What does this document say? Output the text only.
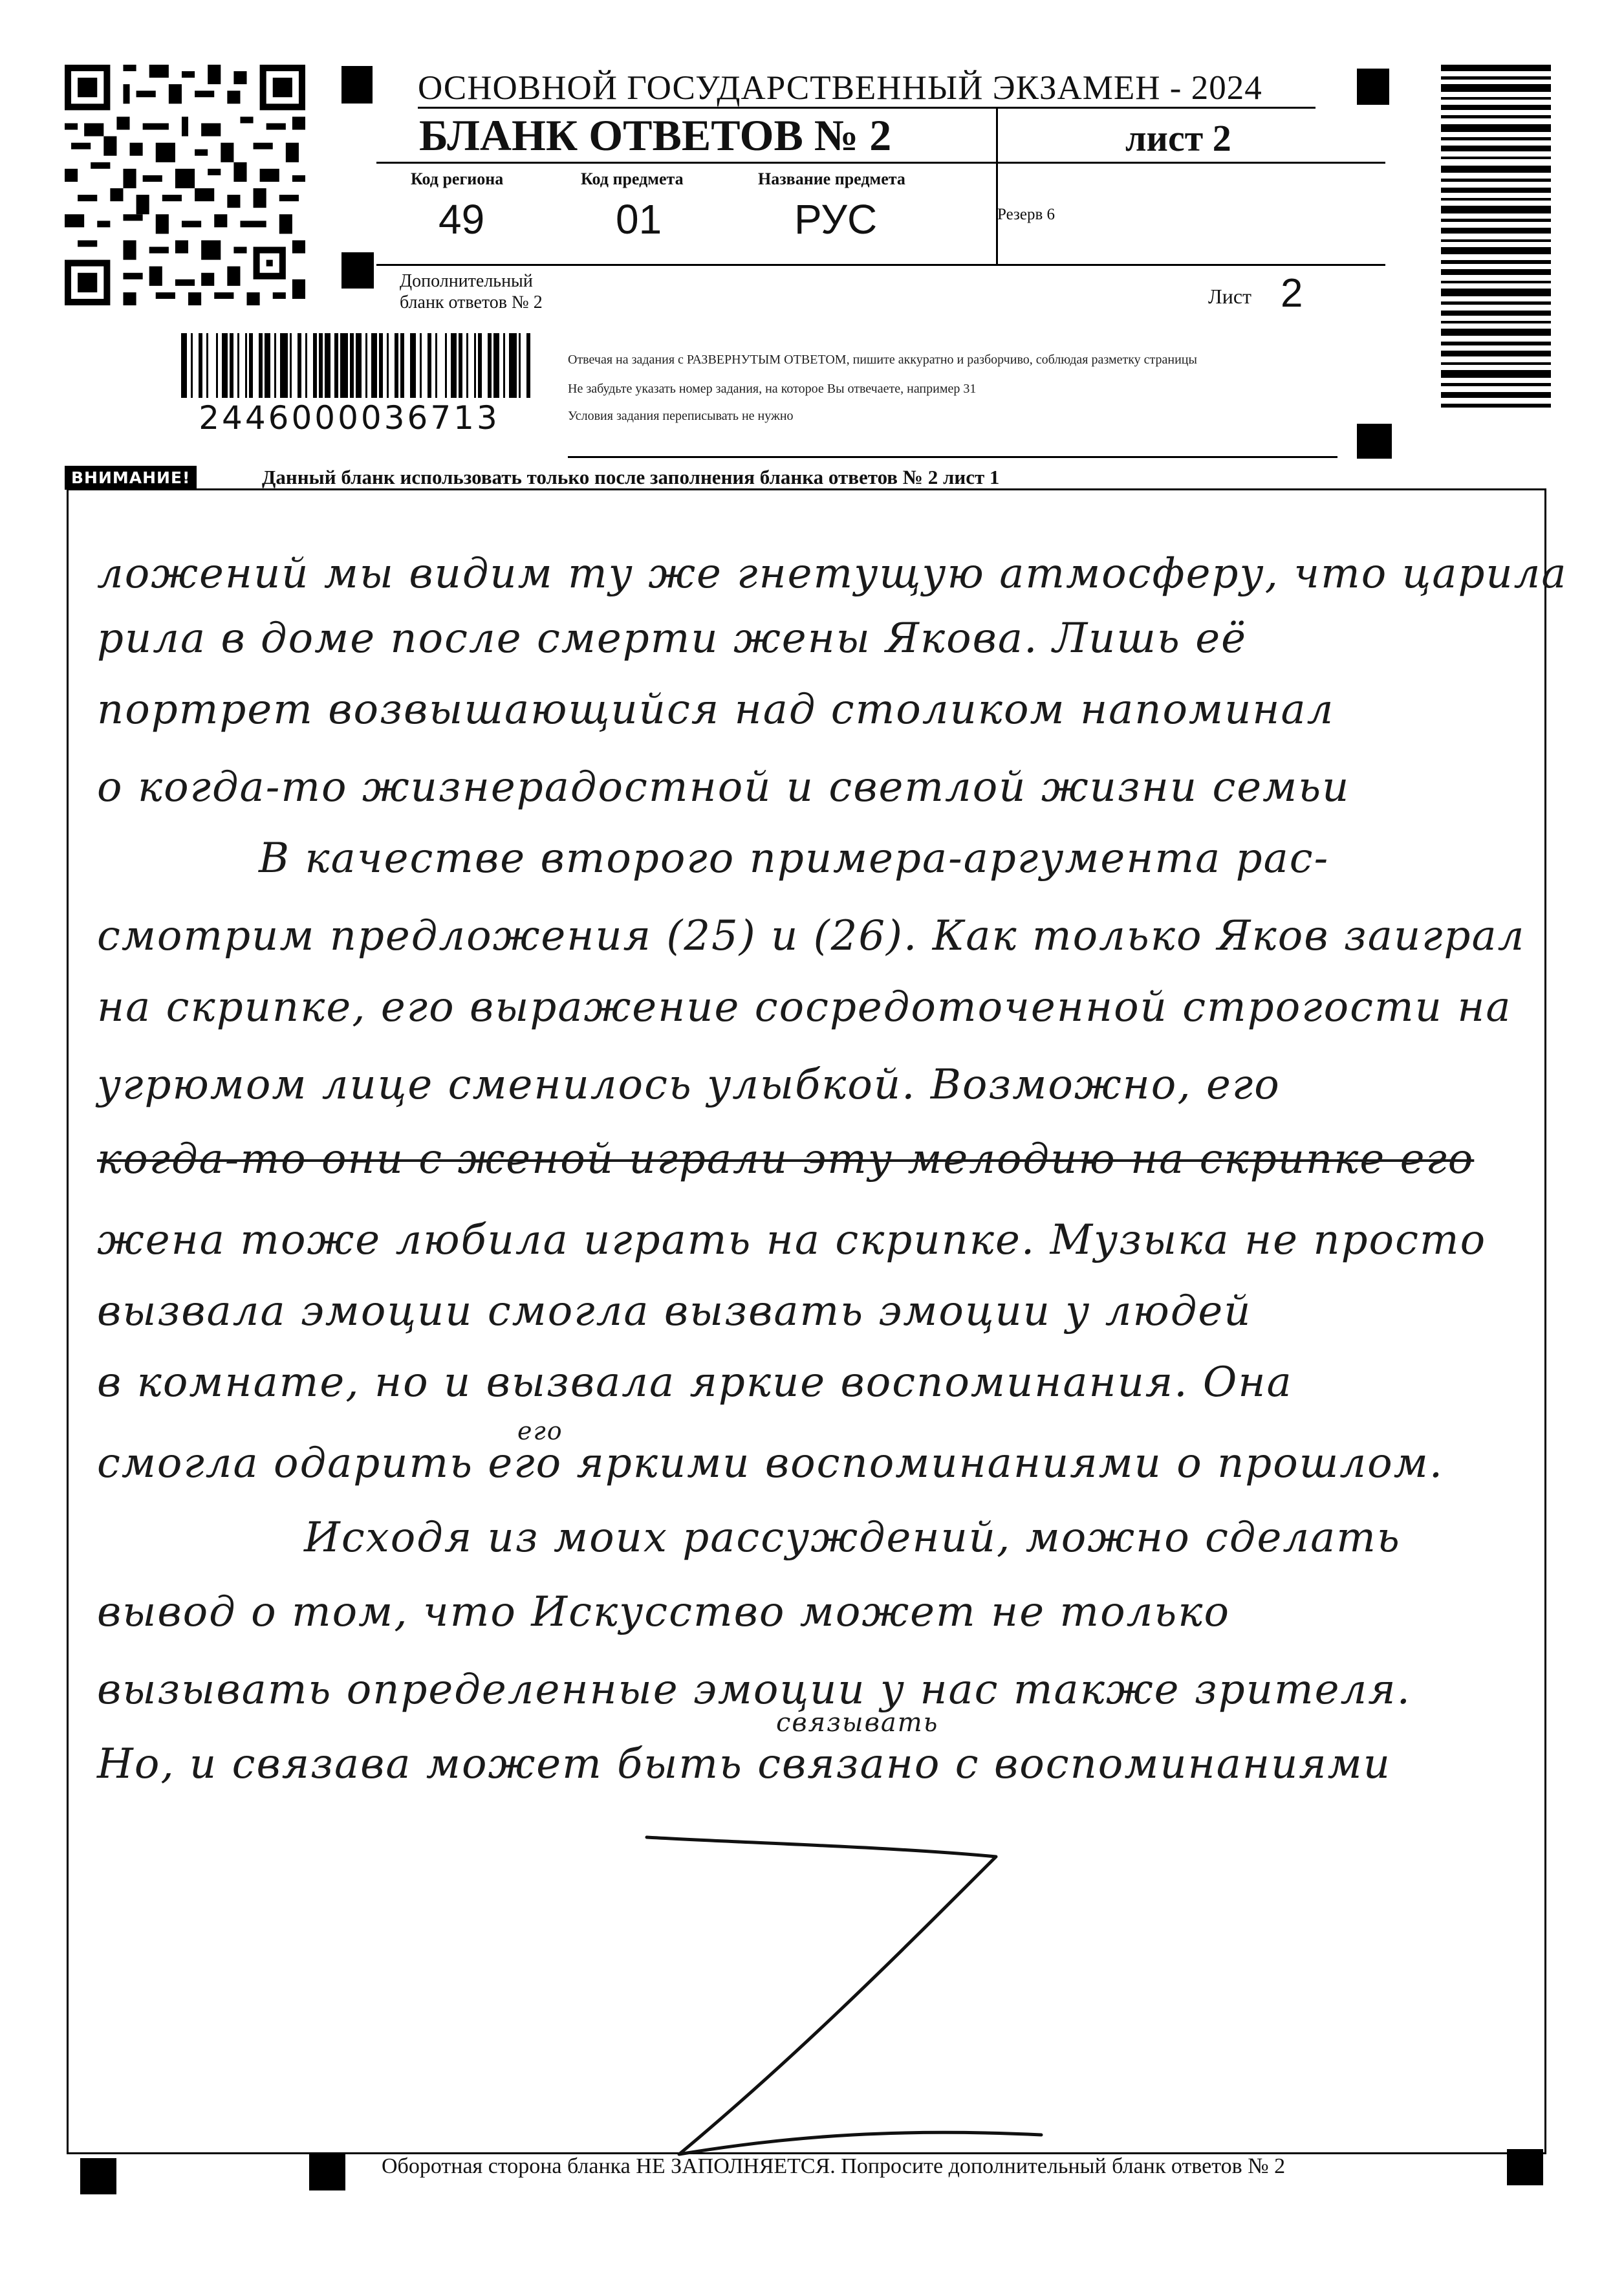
2446000036713
ОСНОВНОЙ ГОСУДАРСТВЕННЫЙ ЭКЗАМЕН - 2024
БЛАНК ОТВЕТОВ № 2	лист 2
Код региона
49
Код предмета
01
Название предмета
РУС	Резерв 6
Дополнительный
бланк ответов № 2	Лист 2
Отвечая на задания с РАЗВЕРНУТЫМ ОТВЕТОМ, пишите аккуратно и разборчиво, соблюдая разметку страницы
Не забудьте указать номер задания, на которое Вы отвечаете, например 31
Условия задания переписывать не нужно
ВНИМАНИЕ!	Данный бланк использовать только после заполнения бланка ответов № 2 лист 1
ложений мы видим ту же гнетущую атмосферу, что царила
рила в доме после смерти жены Якова. Лишь её
портрет возвышающийся над столиком напоминал
о когда-то жизнерадостной и светлой жизни семьи
В качестве второго примера-аргумента рас-
смотрим предложения (25) и (26). Как только Яков заиграл
на скрипке, его выражение сосредоточенной строгости на
угрюмом лице сменилось улыбкой. Возможно, его
когда-то они с женой играли эту мелодию на скрипке его
жена тоже любила играть на скрипке. Музыка не просто
вызвала эмоции смогла вызвать эмоции у людей
в комнате, но и вызвала яркие воспоминания. Она
его
смогла одарить его яркими воспоминаниями о прошлом.
Исходя из моих рассуждений, можно сделать
вывод о том, что Искусство может не только
вызывать определенные эмоции у нас также зрителя.
связывать
Но, и связава может быть связано с воспоминаниями
Оборотная сторона бланка НЕ ЗАПОЛНЯЕТСЯ. Попросите дополнительный бланк ответов № 2
